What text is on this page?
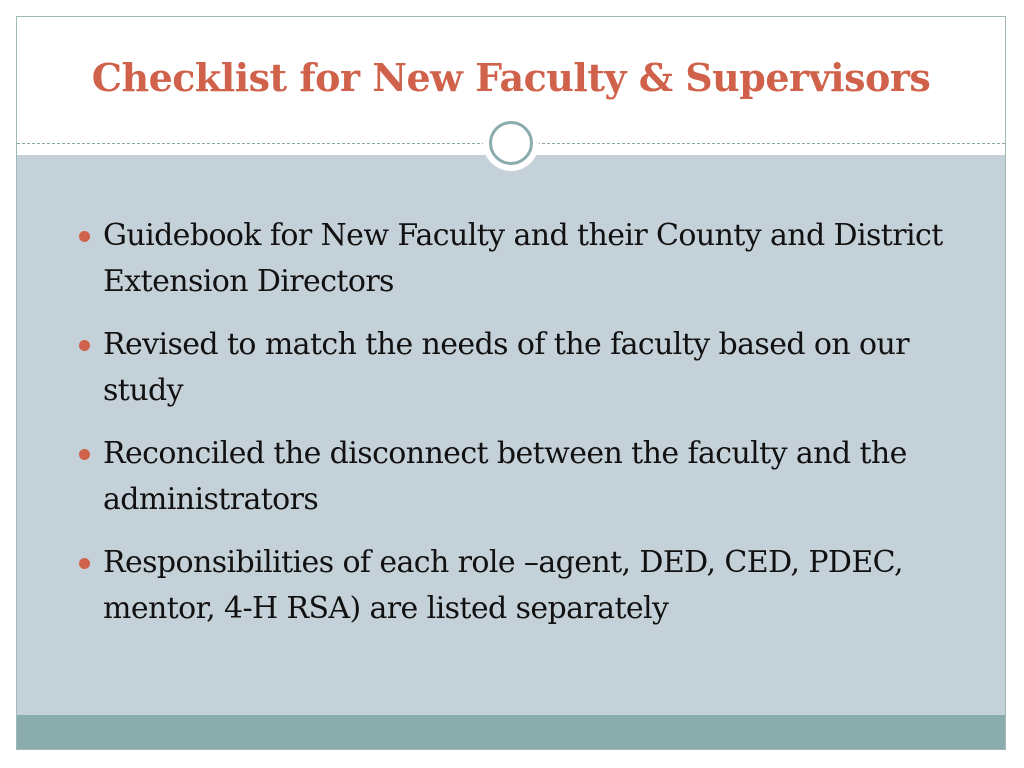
Checklist for New Faculty & Supervisors
Guidebook for New Faculty and their County and District Extension Directors
Revised to match the needs of the faculty based on our study
Reconciled the disconnect between the faculty and the administrators
Responsibilities of each role –agent, DED, CED, PDEC, mentor, 4-H RSA) are listed separately
